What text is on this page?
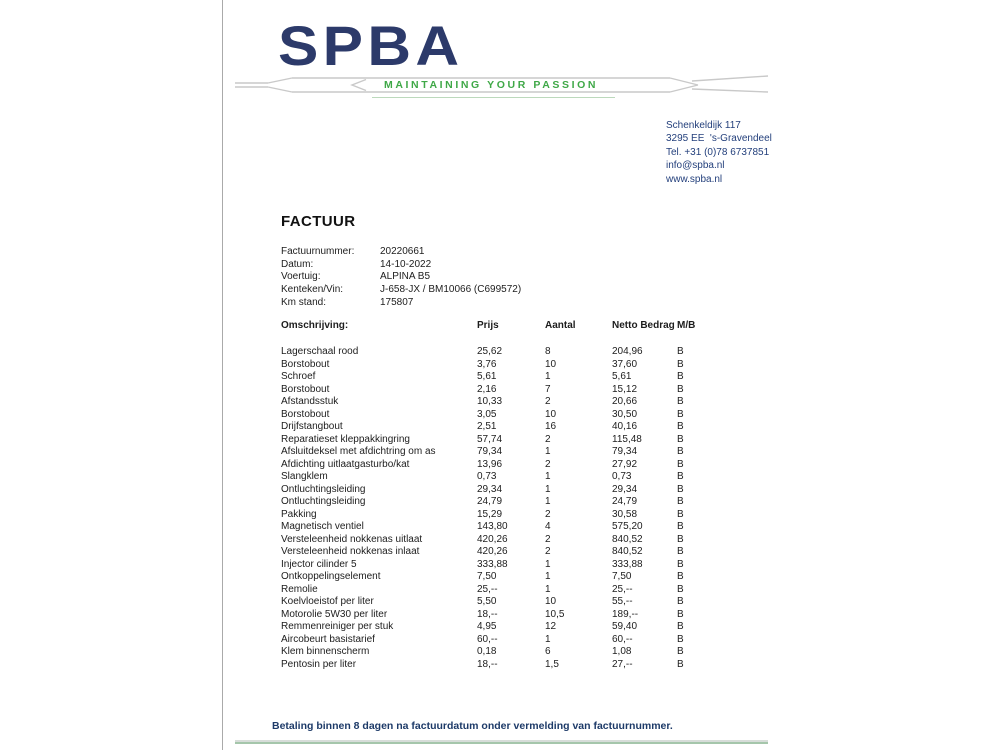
SPBA
MAINTAINING YOUR PASSION
Schenkeldijk 117
3295 EE  's-Gravendeel
Tel. +31 (0)78 6737851
info@spba.nl
www.spba.nl
FACTUUR
Factuurnummer:	20220661
Datum:	14-10-2022
Voertuig:	ALPINA B5
Kenteken/Vin:	J-658-JX / BM10066 (C699572)
Km stand:	175807
Omschrijving:	Prijs	Aantal	Netto Bedrag M/B
Lagerschaal rood	25,62	8	204,96	B
Borstobout	3,76	10	37,60	B
Schroef	5,61	1	5,61	B
Borstobout	2,16	7	15,12	B
Afstandsstuk	10,33	2	20,66	B
Borstobout	3,05	10	30,50	B
Drijfstangbout	2,51	16	40,16	B
Reparatieset kleppakkingring	57,74	2	115,48	B
Afsluitdeksel met afdichtring om as	79,34	1	79,34	B
Afdichting uitlaatgasturbo/kat	13,96	2	27,92	B
Slangklem	0,73	1	0,73	B
Ontluchtingsleiding	29,34	1	29,34	B
Ontluchtingsleiding	24,79	1	24,79	B
Pakking	15,29	2	30,58	B
Magnetisch ventiel	143,80	4	575,20	B
Versteleenheid nokkenas uitlaat	420,26	2	840,52	B
Versteleenheid nokkenas inlaat	420,26	2	840,52	B
Injector cilinder 5	333,88	1	333,88	B
Ontkoppelingselement	7,50	1	7,50	B
Remolie	25,--	1	25,--	B
Koelvloeistof per liter	5,50	10	55,--	B
Motorolie 5W30 per liter	18,--	10,5	189,--	B
Remmenreiniger per stuk	4,95	12	59,40	B
Aircobeurt basistarief	60,--	1	60,--	B
Klem binnenscherm	0,18	6	1,08	B
Pentosin per liter	18,--	1,5	27,--	B
Betaling binnen 8 dagen na factuurdatum onder vermelding van factuurnummer.
